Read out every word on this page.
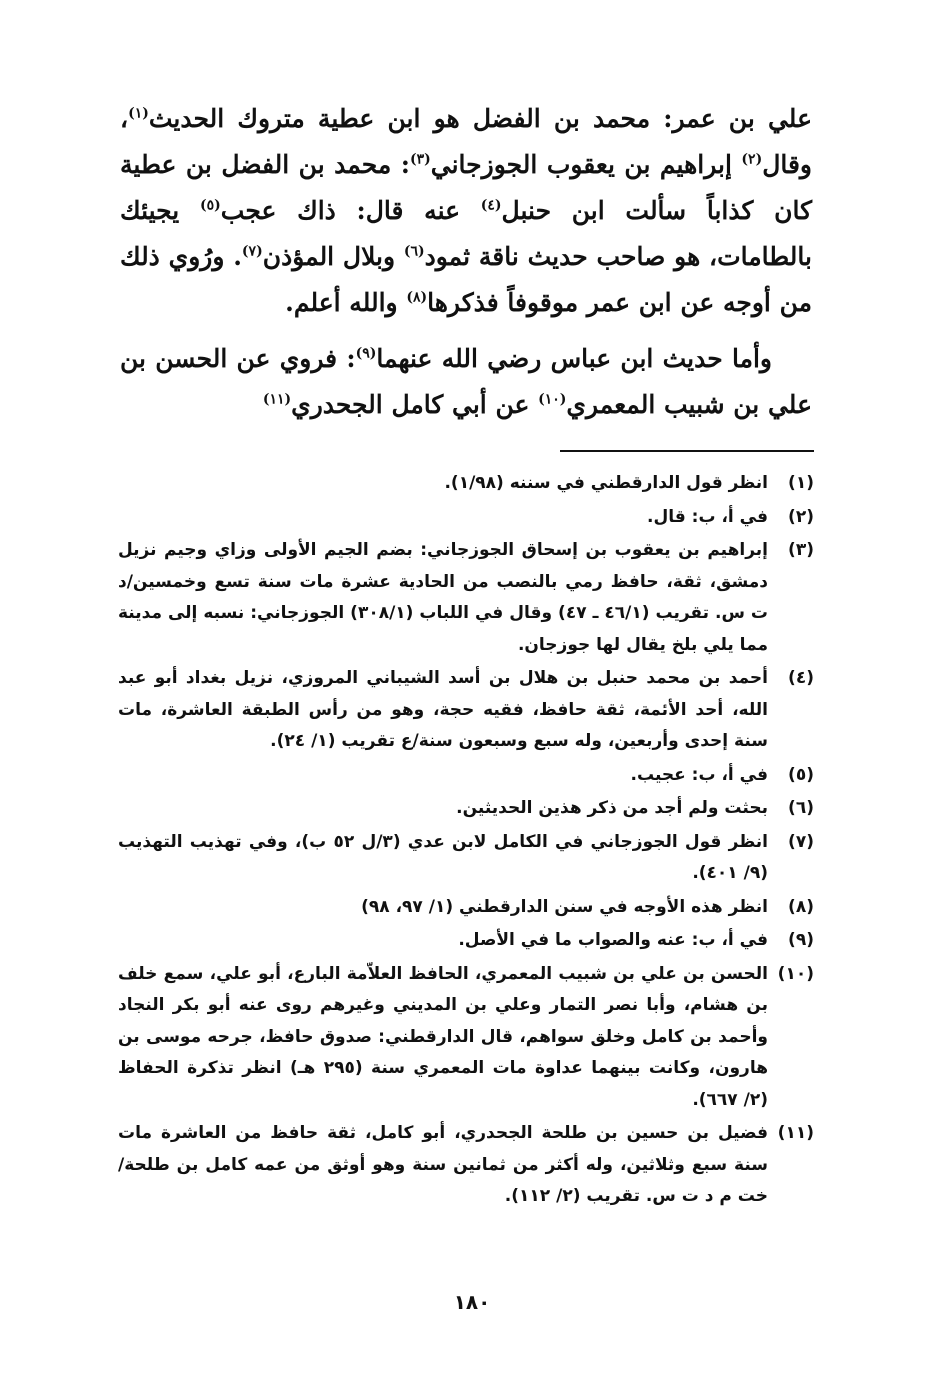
علي بن عمر: محمد بن الفضل هو ابن عطية متروك الحديث$^{(١)}$، وقال$^{(٢)}$ إبراهيم بن يعقوب الجوزجاني$^{(٣)}$: محمد بن الفضل بن عطية كان كذاباً سألت ابن حنبل$^{(٤)}$ عنه قال: ذاك عجب$^{(٥)}$ يجيئك بالطامات، هو صاحب حديث ناقة ثمود$^{(٦)}$ وبلال المؤذن$^{(٧)}$. ورُوي ذلك من أوجه عن ابن عمر موقوفاً فذكرها$^{(٨)}$ والله أعلم.

وأما حديث ابن عباس رضي الله عنهما$^{(٩)}$: فروي عن الحسن بن علي بن شبيب المعمري$^{(١٠)}$ عن أبي كامل الجحدري$^{(١١)}$

(١)
انظر قول الدارقطني في سننه (١/٩٨).
(٢)
في أ، ب: قال.
(٣)
إبراهيم بن يعقوب بن إسحاق الجوزجاني: بضم الجيم الأولى وزاي وجيم نزيل دمشق، ثقة، حافظ رمي بالنصب من الحادية عشرة مات سنة تسع وخمسين/د ت س. تقريب (٤٦/١ ـ ٤٧) وقال في اللباب (٣٠٨/١) الجوزجاني: نسبه إلى مدينة مما يلي بلخ يقال لها جوزجان.
(٤)
أحمد بن محمد حنبل بن هلال بن أسد الشيباني المروزي، نزيل بغداد أبو عبد الله، أحد الأئمة، ثقة حافظ، فقيه حجة، وهو من رأس الطبقة العاشرة، مات سنة إحدى وأربعين، وله سبع وسبعون سنة/ع تقريب (١/ ٢٤).
(٥)
في أ، ب: عجيب.
(٦)
بحثت ولم أجد من ذكر هذين الحديثين.
(٧)
انظر قول الجوزجاني في الكامل لابن عدي (٣/ل ٥٢ ب)، وفي تهذيب التهذيب (٩/ ٤٠١).
(٨)
انظر هذه الأوجه في سنن الدارقطني (١/ ٩٧، ٩٨)
(٩)
في أ، ب: عنه والصواب ما في الأصل.
(١٠)
الحسن بن علي بن شبيب المعمري، الحافظ العلاّمة البارع، أبو علي، سمع خلف بن هشام، وأبا نصر التمار وعلي بن المديني وغيرهم روى عنه أبو بكر النجاد وأحمد بن كامل وخلق سواهم، قال الدارقطني: صدوق حافظ، جرحه موسى بن هارون، وكانت بينهما عداوة مات المعمري سنة (٢٩٥ هـ) انظر تذكرة الحفاظ (٢/ ٦٦٧).
(١١)
فضيل بن حسين بن طلحة الجحدري، أبو كامل، ثقة حافظ من العاشرة مات سنة سبع وثلاثين، وله أكثر من ثمانين سنة وهو أوثق من عمه كامل بن طلحة/ خت م د ت س. تقريب (٢/ ١١٢).
١٨٠
